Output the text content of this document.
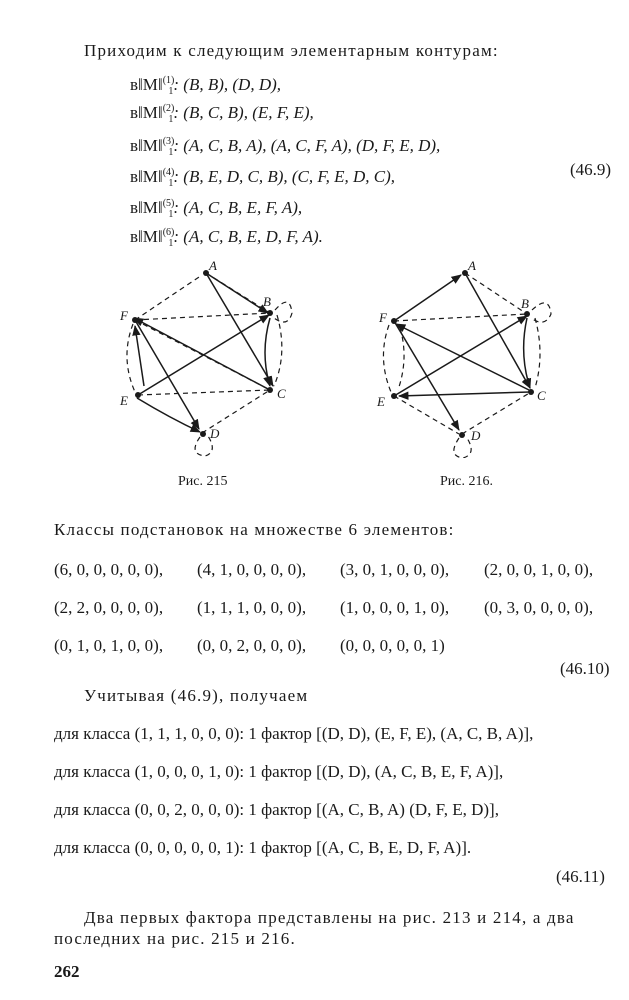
Приходим к следующим элементарным контурам:
в‖M‖$^{(1)}_1$: (B, B), (D, D),
в‖M‖$^{(2)}_1$: (B, C, B), (E, F, E),
в‖M‖$^{(3)}_1$: (A, C, B, A), (A, C, F, A), (D, F, E, D),
в‖M‖$^{(4)}_1$: (B, E, D, C, B), (C, F, E, D, C),
в‖M‖$^{(5)}_1$: (A, C, B, E, F, A),
в‖M‖$^{(6)}_1$: (A, C, B, E, D, F, A).
(46.9)
A
B
C
D
E
F
Рис. 215
A
B
C
D
E
F
Рис. 216.
Классы подстановок на множестве 6 элементов:
(6, 0, 0, 0, 0, 0), (4, 1, 0, 0, 0, 0), (3, 0, 1, 0, 0, 0), (2, 0, 0, 1, 0, 0),
(2, 2, 0, 0, 0, 0), (1, 1, 1, 0, 0, 0), (1, 0, 0, 0, 1, 0), (0, 3, 0, 0, 0, 0),
(0, 1, 0, 1, 0, 0), (0, 0, 2, 0, 0, 0), (0, 0, 0, 0, 0, 1)
(46.10)
Учитывая (46.9), получаем
для класса (1, 1, 1, 0, 0, 0): 1 фактор [(D, D), (E, F, E), (A, C, B, A)],
для класса (1, 0, 0, 0, 1, 0): 1 фактор [(D, D), (A, C, B, E, F, A)],
для класса (0, 0, 2, 0, 0, 0): 1 фактор [(A, C, B, A) (D, F, E, D)],
для класса (0, 0, 0, 0, 0, 1): 1 фактор [(A, C, B, E, D, F, A)].
(46.11)
Два первых фактора представлены на рис. 213 и 214, а два
последних на рис. 215 и 216.
262
